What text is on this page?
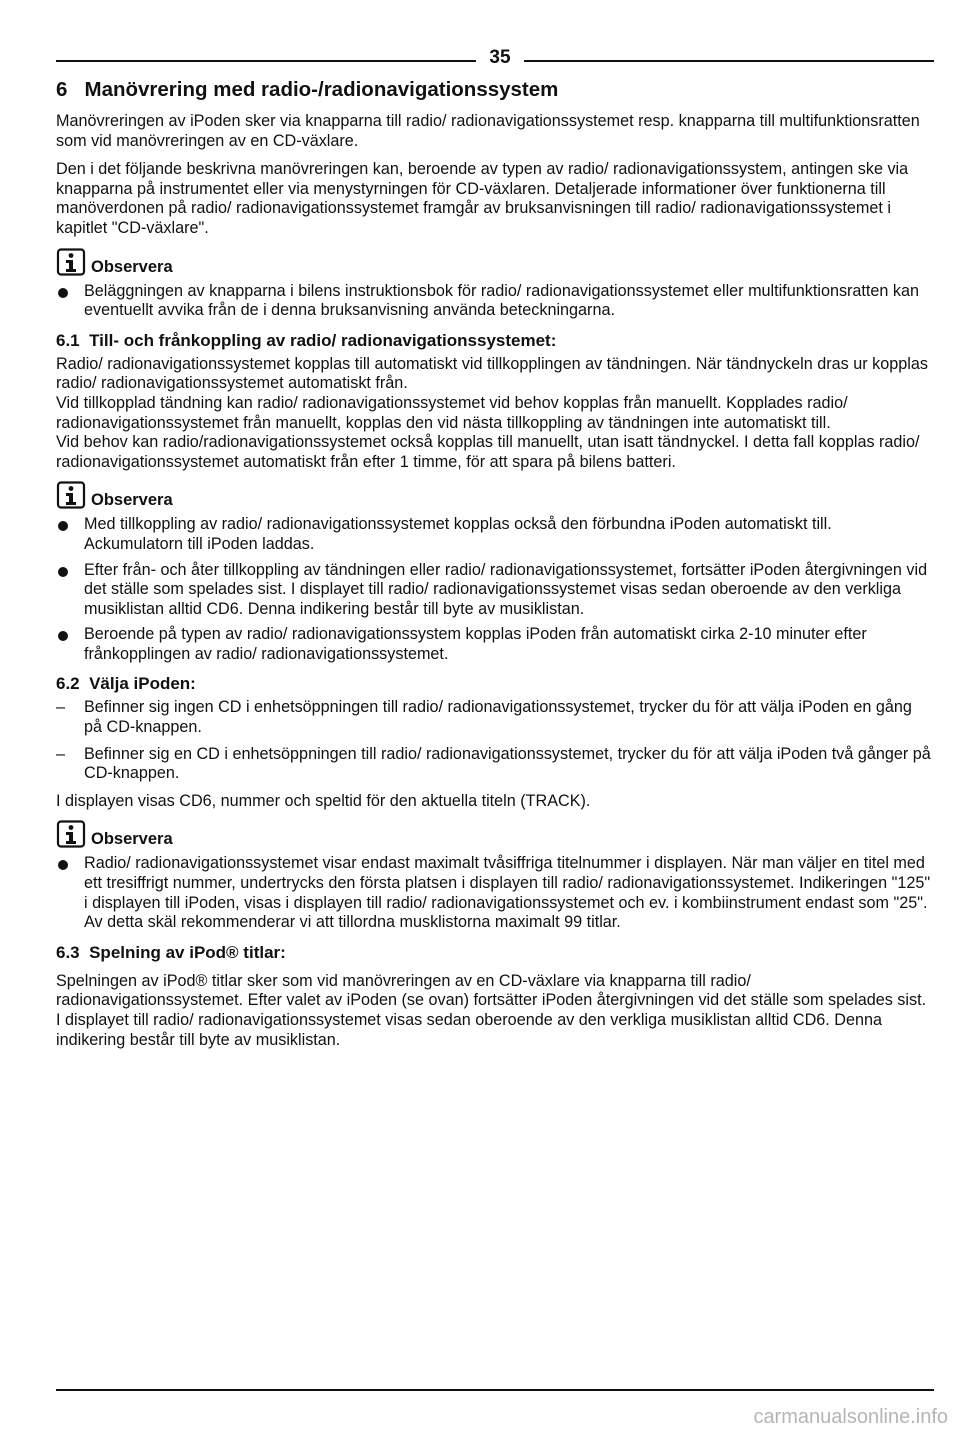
35
6 Manövrering med radio-/radionavigationssystem

Manövreringen av iPoden sker via knapparna till radio/ radionavigationssystemet resp. knapparna till multifunktionsratten som vid manövreringen av en CD-växlare.

Den i det följande beskrivna manövreringen kan, beroende av typen av radio/ radionavigationssystem, antingen ske via knapparna på instrumentet eller via menystyrningen för CD-växlaren. Detaljerade informationer över funktionerna till manöverdonen på radio/ radionavigationssystemet framgår av bruksanvisningen till radio/ radionavigationssystemet i kapitlet "CD-växlare".

Observera
Beläggningen av knapparna i bilens instruktionsbok för radio/ radionavigationssystemet eller multifunktionsratten kan eventuellt avvika från de i denna bruksanvisning använda beteckningarna.
6.1 Till- och frånkoppling av radio/ radionavigationssystemet:

Radio/ radionavigationssystemet kopplas till automatiskt vid tillkopplingen av tändningen. När tändnyckeln dras ur kopplas radio/ radionavigationssystemet automatiskt från.

Vid tillkopplad tändning kan radio/ radionavigationssystemet vid behov kopplas från manuellt. Kopplades radio/ radionavigationssystemet från manuellt, kopplas den vid nästa tillkoppling av tändningen inte automatiskt till.

Vid behov kan radio/radionavigationssystemet också kopplas till manuellt, utan isatt tändnyckel. I detta fall kopplas radio/ radionavigationssystemet automatiskt från efter 1 timme, för att spara på bilens batteri.

Observera
Med tillkoppling av radio/ radionavigationssystemet kopplas också den förbundna iPoden automatiskt till. Ackumulatorn till iPoden laddas.
Efter från- och åter tillkoppling av tändningen eller radio/ radionavigationssystemet, fortsätter iPoden återgivningen vid det ställe som spelades sist. I displayet till radio/ radionavigationssystemet visas sedan oberoende av den verkliga musiklistan alltid CD6. Denna indikering består till byte av musiklistan.
Beroende på typen av radio/ radionavigationssystem kopplas iPoden från automatiskt cirka 2-10 minuter efter frånkopplingen av radio/ radionavigationssystemet.
6.2 Välja iPoden:
– Befinner sig ingen CD i enhetsöppningen till radio/ radionavigationssystemet, trycker du för att välja iPoden en gång på CD-knappen.
– Befinner sig en CD i enhetsöppningen till radio/ radionavigationssystemet, trycker du för att välja iPoden två gånger på CD-knappen.

I displayen visas CD6, nummer och speltid för den aktuella titeln (TRACK).

Observera
Radio/ radionavigationssystemet visar endast maximalt tvåsiffriga titelnummer i displayen. När man väljer en titel med ett tresiffrigt nummer, undertrycks den första platsen i displayen till radio/ radionavigationssystemet. Indikeringen "125" i displayen till iPoden, visas i displayen till radio/ radionavigationssystemet och ev. i kombiinstrument endast som "25". Av detta skäl rekommenderar vi att tillordna musklistorna maximalt 99 titlar.
6.3 Spelning av iPod® titlar:

Spelningen av iPod® titlar sker som vid manövreringen av en CD-växlare via knapparna till radio/ radionavigationssystemet. Efter valet av iPoden (se ovan) fortsätter iPoden återgivningen vid det ställe som spelades sist. I displayet till radio/ radionavigationssystemet visas sedan oberoende av den verkliga musiklistan alltid CD6. Denna indikering består till byte av musiklistan.

carmanualsonline.info
